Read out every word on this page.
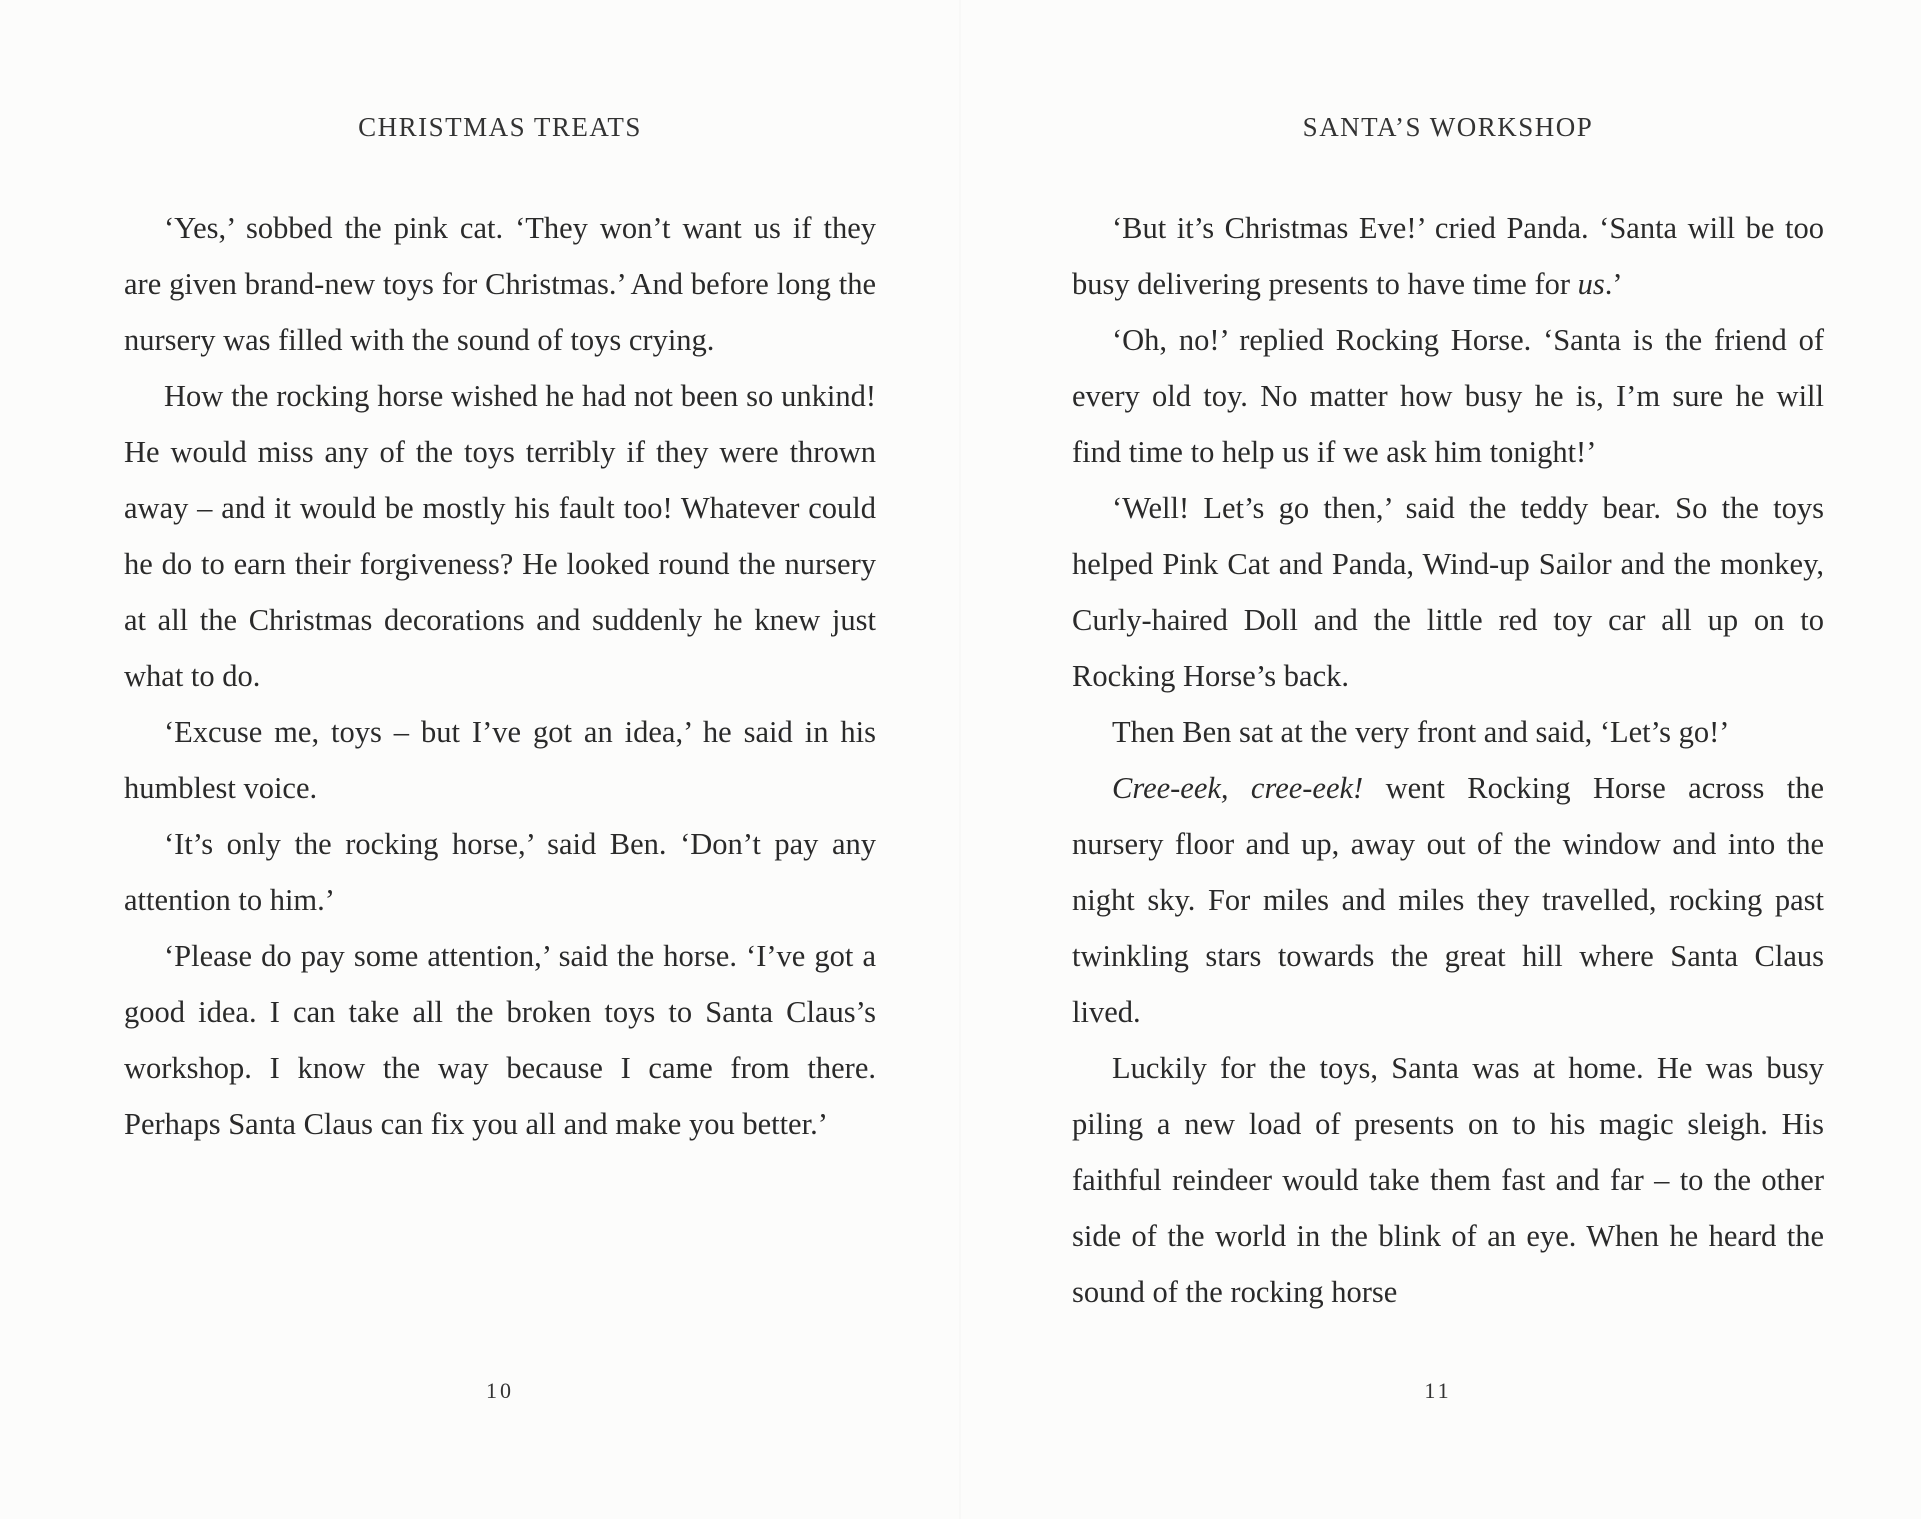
CHRISTMAS TREATS

‘Yes,’ sobbed the pink cat. ‘They won’t want us if they are given brand-new toys for Christmas.’ And before long the nursery was filled with the sound of toys crying.

How the rocking horse wished he had not been so unkind! He would miss any of the toys terribly if they were thrown away – and it would be mostly his fault too! Whatever could he do to earn their forgiveness? He looked round the nursery at all the Christmas decorations and suddenly he knew just what to do.

‘Excuse me, toys – but I’ve got an idea,’ he said in his humblest voice.

‘It’s only the rocking horse,’ said Ben. ‘Don’t pay any attention to him.’

‘Please do pay some attention,’ said the horse. ‘I’ve got a good idea. I can take all the broken toys to Santa Claus’s workshop. I know the way because I came from there. Perhaps Santa Claus can fix you all and make you better.’

10
SANTA’S WORKSHOP

‘But it’s Christmas Eve!’ cried Panda. ‘Santa will be too busy delivering presents to have time for us.’

‘Oh, no!’ replied Rocking Horse. ‘Santa is the friend of every old toy. No matter how busy he is, I’m sure he will find time to help us if we ask him tonight!’

‘Well! Let’s go then,’ said the teddy bear. So the toys helped Pink Cat and Panda, Wind-up Sailor and the monkey, Curly-haired Doll and the little red toy car all up on to Rocking Horse’s back.

Then Ben sat at the very front and said, ‘Let’s go!’

Cree-eek, cree-eek! went Rocking Horse across the nursery floor and up, away out of the window and into the night sky. For miles and miles they travelled, rocking past twinkling stars towards the great hill where Santa Claus lived.

Luckily for the toys, Santa was at home. He was busy piling a new load of presents on to his magic sleigh. His faithful reindeer would take them fast and far – to the other side of the world in the blink of an eye. When he heard the sound of the rocking horse

11
